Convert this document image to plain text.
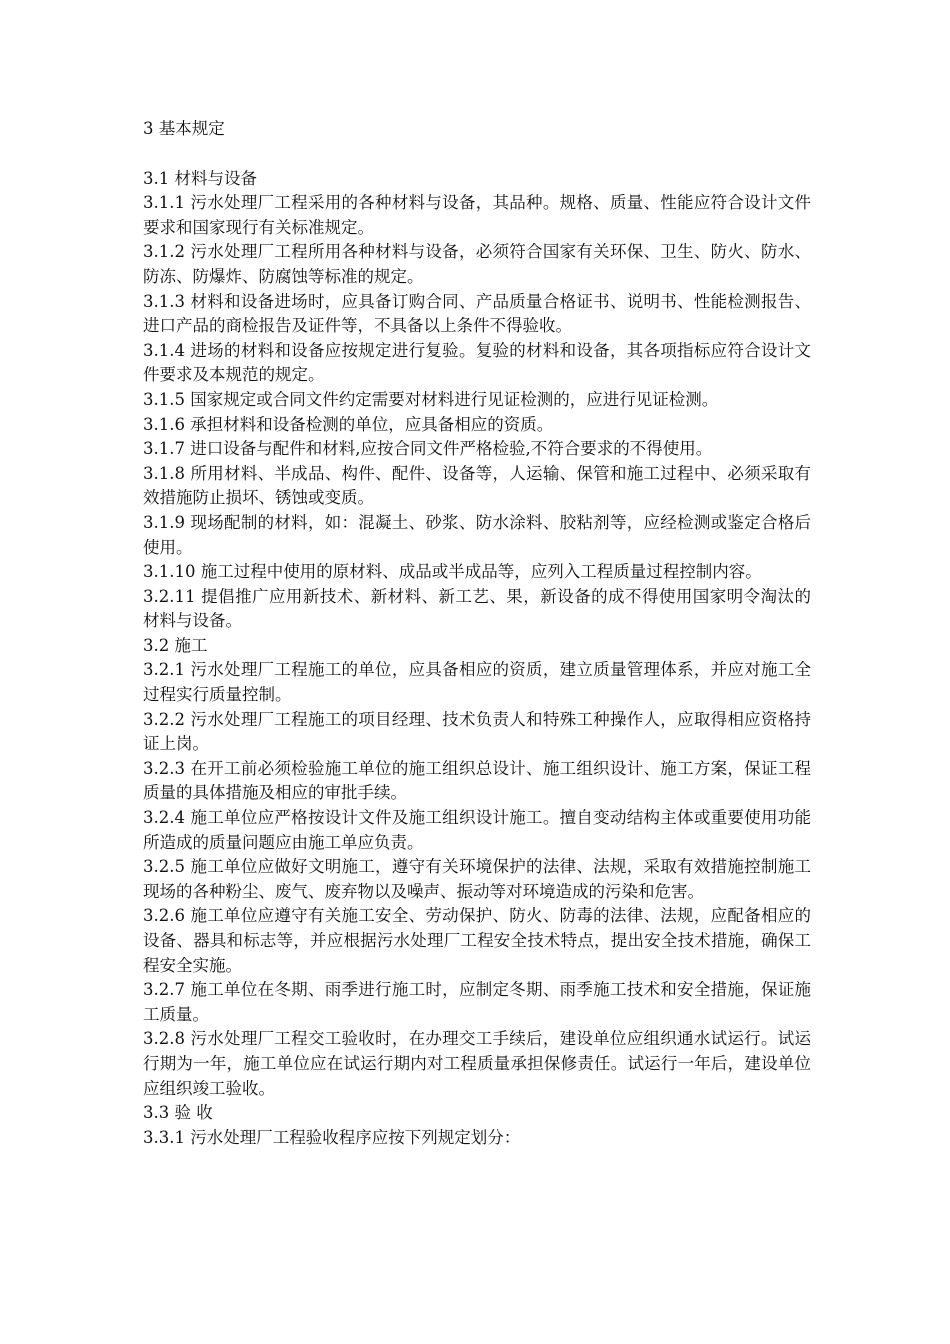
3 基本规定

3.1 材料与设备

3.1.1 污水处理厂工程采用的各种材料与设备，其品种。规格、质量、性能应符合设计文件要求和国家现行有关标准规定。

3.1.2 污水处理厂工程所用各种材料与设备，必须符合国家有关环保、卫生、防火、防水、防冻、防爆炸、防腐蚀等标准的规定。

3.1.3 材料和设备进场时，应具备订购合同、产品质量合格证书、说明书、性能检测报告、进口产品的商检报告及证件等，不具备以上条件不得验收。

3.1.4 进场的材料和设备应按规定进行复验。复验的材料和设备，其各项指标应符合设计文件要求及本规范的规定。

3.1.5 国家规定或合同文件约定需要对材料进行见证检测的，应进行见证检测。

3.1.6 承担材料和设备检测的单位，应具备相应的资质。

3.1.7 进口设备与配件和材料,应按合同文件严格检验,不符合要求的不得使用。

3.1.8 所用材料、半成品、构件、配件、设备等，人运输、保管和施工过程中、必须采取有效措施防止损坏、锈蚀或变质。

3.1.9 现场配制的材料，如：混凝土、砂浆、防水涂料、胶粘剂等，应经检测或鉴定合格后使用。

3.1.10 施工过程中使用的原材料、成品或半成品等，应列入工程质量过程控制内容。

3.2.11 提倡推广应用新技术、新材料、新工艺、果，新设备的成不得使用国家明令淘汰的材料与设备。

3.2 施工

3.2.1 污水处理厂工程施工的单位，应具备相应的资质，建立质量管理体系，并应对施工全过程实行质量控制。

3.2.2 污水处理厂工程施工的项目经理、技术负责人和特殊工种操作人，应取得相应资格持证上岗。

3.2.3 在开工前必须检验施工单位的施工组织总设计、施工组织设计、施工方案，保证工程质量的具体措施及相应的审批手续。

3.2.4 施工单位应严格按设计文件及施工组织设计施工。擅自变动结构主体或重要使用功能所造成的质量问题应由施工单应负责。

3.2.5 施工单位应做好文明施工，遵守有关环境保护的法律、法规，采取有效措施控制施工现场的各种粉尘、废气、废弃物以及噪声、振动等对环境造成的污染和危害。

3.2.6 施工单位应遵守有关施工安全、劳动保护、防火、防毒的法律、法规，应配备相应的设备、器具和标志等，并应根据污水处理厂工程安全技术特点，提出安全技术措施，确保工程安全实施。

3.2.7 施工单位在冬期、雨季进行施工时，应制定冬期、雨季施工技术和安全措施，保证施工质量。

3.2.8 污水处理厂工程交工验收时，在办理交工手续后，建设单位应组织通水试运行。试运行期为一年，施工单位应在试运行期内对工程质量承担保修责任。试运行一年后，建设单位应组织竣工验收。

3.3 验 收

3.3.1 污水处理厂工程验收程序应按下列规定划分：
